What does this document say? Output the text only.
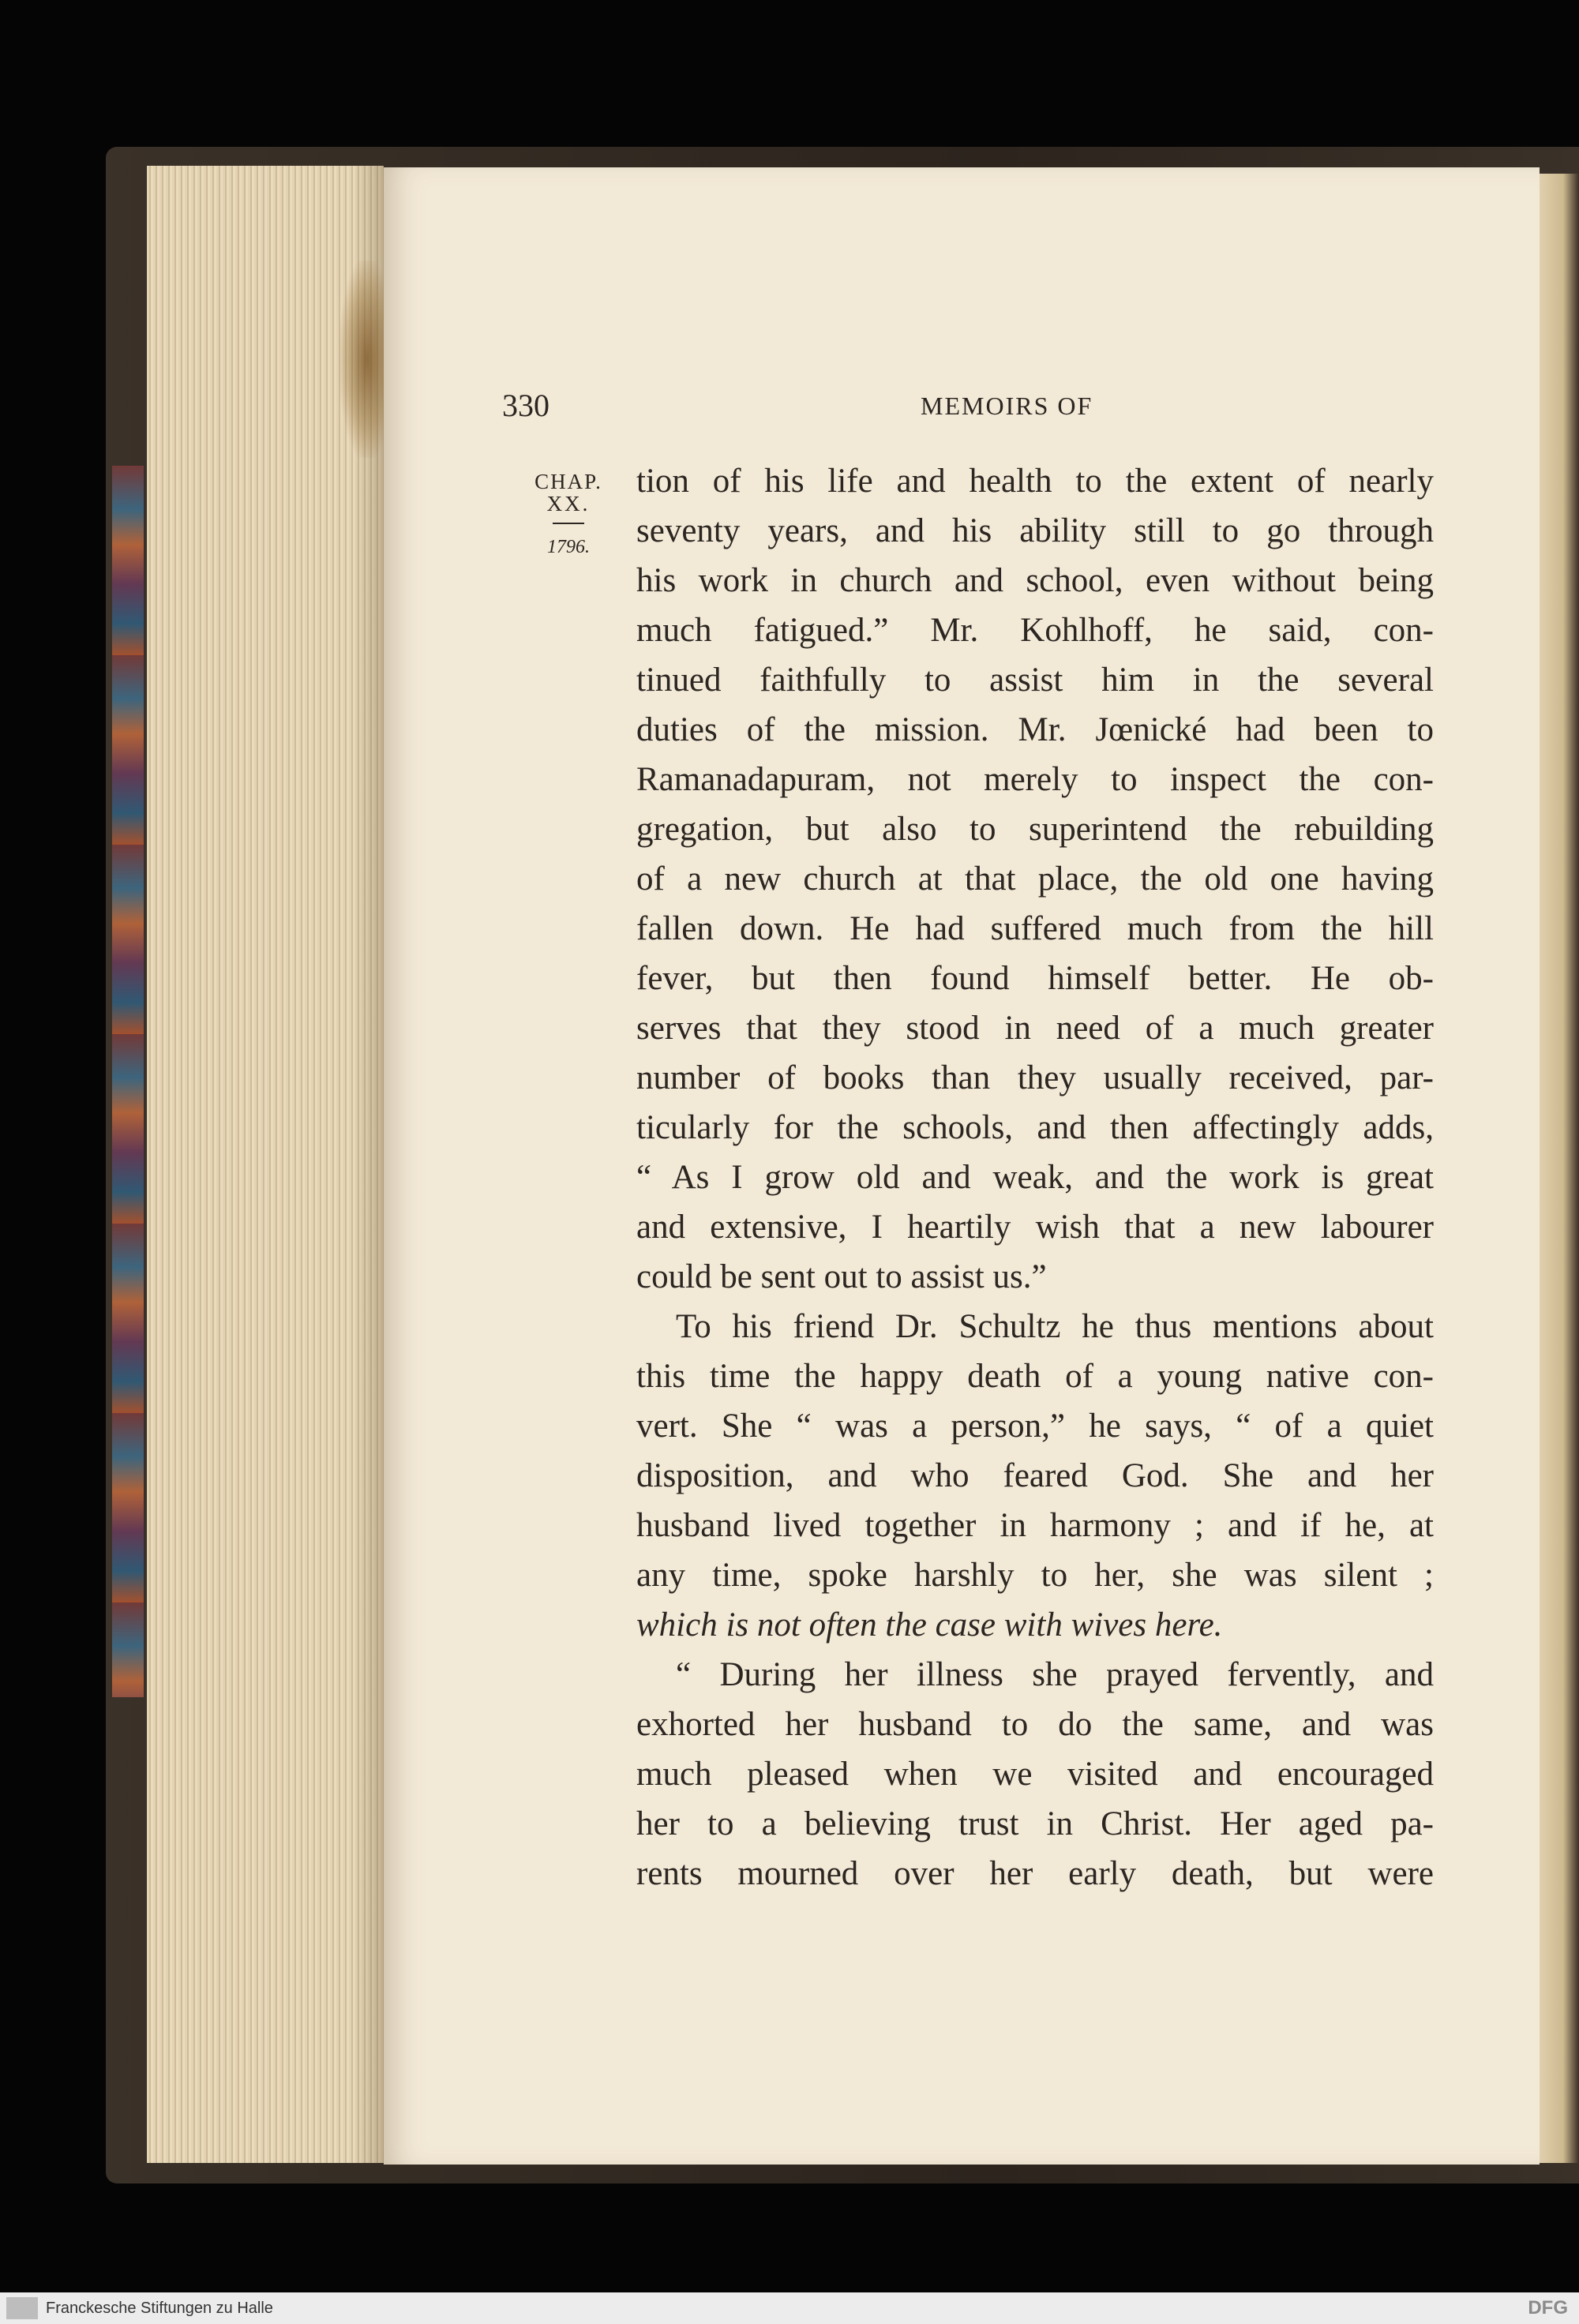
330	MEMOIRS OF
CHAP.
XX.
1796.
tion of his life and health to the extent of nearly
seventy years, and his ability still to go through
his work in church and school, even without being
much fatigued.” Mr. Kohlhoff, he said, con-
tinued faithfully to assist him in the several
duties of the mission. Mr. Jœnické had been to
Ramanadapuram, not merely to inspect the con-
gregation, but also to superintend the rebuilding
of a new church at that place, the old one having
fallen down. He had suffered much from the hill
fever, but then found himself better. He ob-
serves that they stood in need of a much greater
number of books than they usually received, par-
ticularly for the schools, and then affectingly adds,
“ As I grow old and weak, and the work is great
and extensive, I heartily wish that a new labourer
could be sent out to assist us.”
To his friend Dr. Schultz he thus mentions about
this time the happy death of a young native con-
vert. She “ was a person,” he says, “ of a quiet
disposition, and who feared God. She and her
husband lived together in harmony ; and if he, at
any time, spoke harshly to her, she was silent ;
which is not often the case with wives here.
“ During her illness she prayed fervently, and
exhorted her husband to do the same, and was
much pleased when we visited and encouraged
her to a believing trust in Christ. Her aged pa-
rents mourned over her early death, but were
Franckesche Stiftungen zu Halle	DFG
